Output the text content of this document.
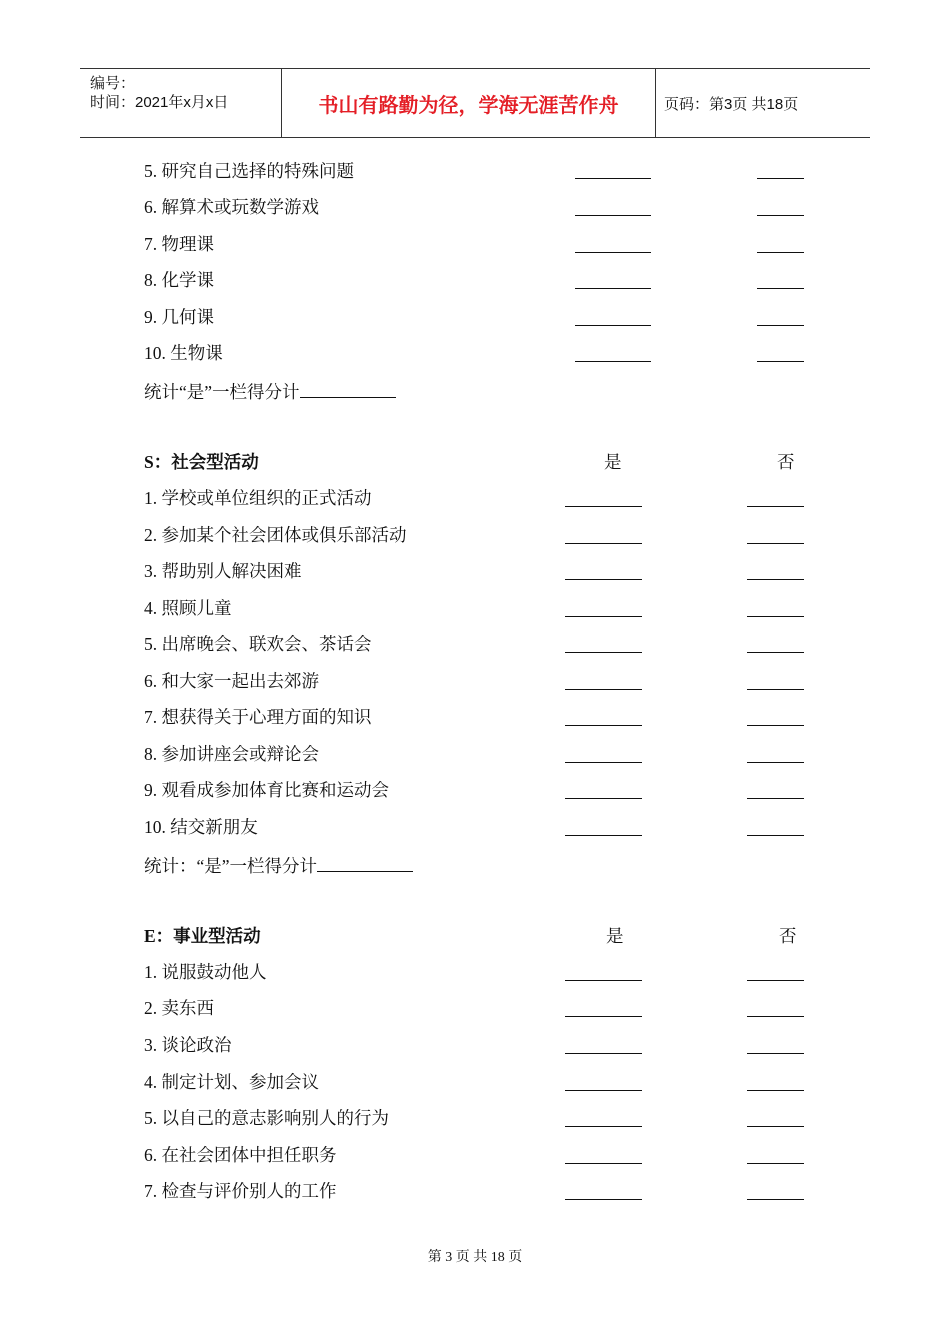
编号：
时间：2021年x月x日	书山有路勤为径，学海无涯苦作舟	页码：第3页 共18页
5. 研究自己选择的特殊问题
6. 解算术或玩数学游戏
7. 物理课
8. 化学课
9. 几何课
10. 生物课
统计“是”一栏得分计
S：社会型活动	是	否
1. 学校或单位组织的正式活动
2. 参加某个社会团体或俱乐部活动
3. 帮助别人解决困难
4. 照顾儿童
5. 出席晚会、联欢会、茶话会
6. 和大家一起出去郊游
7. 想获得关于心理方面的知识
8. 参加讲座会或辩论会
9. 观看成参加体育比赛和运动会
10. 结交新朋友
统计：“是”一栏得分计
E：事业型活动	是	否
1. 说服鼓动他人
2. 卖东西
3. 谈论政治
4. 制定计划、参加会议
5. 以自己的意志影响别人的行为
6. 在社会团体中担任职务
7. 检查与评价别人的工作
第 3 页 共 18 页
